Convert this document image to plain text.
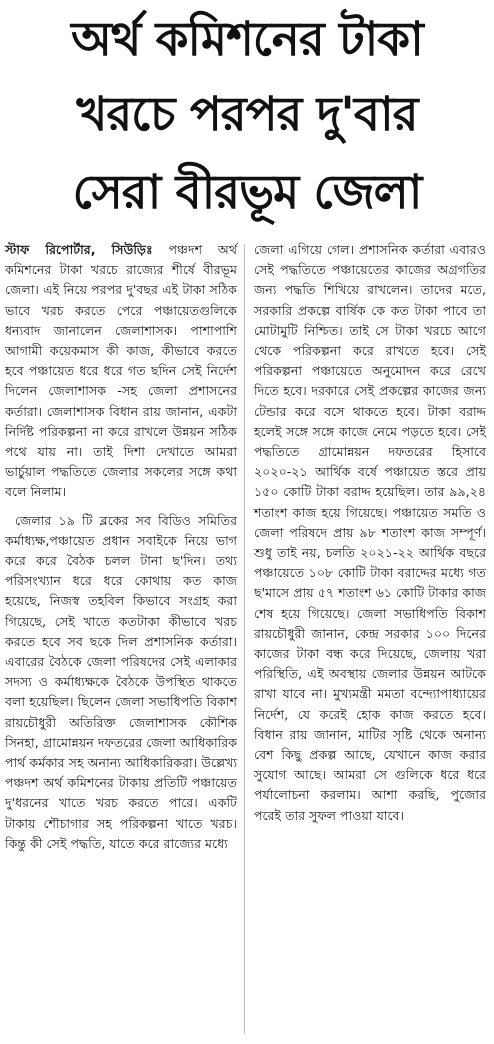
অর্থ কমিশনের টাকা
খরচে পরপর দু'বার
সেরা বীরভূম জেলা

স্টাফ রিপোর্টার, সিউড়িঃ পঞ্চদশ অর্থ কমিশনের টাকা খরচে রাজ্যের শীর্ষে বীরভূম জেলা। এই নিয়ে পরপর দু'বছর এই টাকা সঠিক ভাবে খরচ করতে পেরে পঞ্চায়েতগুলিকে ধন্যবাদ জানালেন জেলাশাসক। পাশাপাশি আগামী কয়েকমাস কী কাজ, কীভাবে করতে হবে পঞ্চায়েত ধরে ধরে গত ছদিন সেই নির্দেশ দিলেন জেলাশাসক -সহ জেলা প্রশাসনের কর্তারা। জেলাশাসক বিধান রায় জানান, একটা নির্দিষ্ট পরিকল্পনা না করে রাখলে উন্নয়ন সঠিক পথে যায় না। তাই দিশা দেখাতে আমরা ভার্চুয়াল পদ্ধতিতে জেলার সকলের সঙ্গে কথা বলে নিলাম।

জেলার ১৯ টি ব্লকের সব বিডিও সমিতির কর্মাধ্যক্ষ,পঞ্চায়েত প্রধান সবাইকে নিয়ে ভাগ করে করে বৈঠক চলল টানা ছ'দিন। তথ্য পরিসংখ্যান ধরে ধরে কোথায় কত কাজ হয়েছে, নিজস্ব তহবিল কিভাবে সংগ্রহ করা গিয়েছে, সেই খাতে কতটাকা কীভাবে খরচ করতে হবে সব ছকে দিল প্রশাসনিক কর্তারা। এবারের বৈঠকে জেলা পরিষদের সেই এলাকার সদস্য ও কর্মাধ্যক্ষকে বৈঠকে উপস্থিত থাকতে বলা হয়েছিল। ছিলেন জেলা সভাধিপতি বিকাশ রায়চৌধুরী অতিরিক্ত জেলাশাসক কৌশিক সিনহা, গ্রামোন্নয়ন দফতরের জেলা আধিকারিক পার্থ কর্মকার সহ অনান্য আধিকারিকরা। উল্লেখ্য পঞ্চদশ অর্থ কমিশনের টাকায় প্রতিটি পঞ্চায়েত দু'ধরনের খাতে খরচ করতে পারে। একটি টাকায় শৌচাগার সহ পরিকল্পনা খাতে খরচ। কিন্তু কী সেই পদ্ধতি, যাতে করে রাজ্যের মধ্যে

জেলা এগিয়ে গেল। প্রশাসনিক কর্তারা এবারও সেই পদ্ধতিতে পঞ্চায়েতের কাজের অগ্রগতির জন্য পদ্ধতি শিখিয়ে রাখলেন। তাদের মতে, সরকারি প্রকল্পে বার্ষিক কে কত টাকা পাবে তা মোটামুটি নিশ্চিত। তাই সে টাকা খরচে আগে থেকে পরিকল্পনা করে রাখতে হবে। সেই পরিকল্পনা পঞ্চায়েতে অনুমোদন করে রেখে দিতে হবে। দরকারে সেই প্রকল্পের কাজের জন্য টেন্ডার করে বসে থাকতে হবে। টাকা বরাদ্দ হলেই সঙ্গে সঙ্গে কাজে নেমে পড়তে হবে। সেই পদ্ধতিতে গ্রামোন্নয়ন দফতরের হিসাবে ২০২০-২১ আর্থিক বর্ষে পঞ্চায়েত স্তরে প্রায় ১৫০ কোটি টাকা বরাদ্দ হয়েছিল। তার ৯৯,২৪ শতাংশ কাজ হয়ে গিয়েছে। পঞ্চায়েত সমতি ও জেলা পরিষদে প্রায় ৯৮ শতাংশ কাজ সম্পূর্ণ। শুধু তাই নয়, চলতি ২০২১-২২ আর্থিক বছরে পঞ্চায়েতে ১০৮ কোটি টাকা বরাদ্দের মধ্যে গত ছ'মাসে প্রায় ৫৭ শতাংশ ৬১ কোটি টাকার কাজ শেষ হয়ে গিয়েছে। জেলা সভাধিপতি বিকাশ রায়চৌধুরী জানান, কেন্দ্র সরকার ১০০ দিনের কাজের টাকা বন্ধ করে দিয়েছে, জেলায় খরা পরিস্থিতি, এই অবস্থায় জেলার উন্নয়ন আটকে রাখা যাবে না। মুখ্যমন্ত্রী মমতা বন্দ্যোপাধ্যায়ের নির্দেশ, যে করেই হোক কাজ করতে হবে। বিধান রায় জানান, মাটির সৃষ্টি থেকে অনান্য বেশ কিছু প্রকল্প আছে, যেখানে কাজ করার সুযোগ আছে। আমরা সে গুলিকে ধরে ধরে পর্যালোচনা করলাম। আশা করছি, পুজোর পরেই তার সুফল পাওয়া যাবে।
